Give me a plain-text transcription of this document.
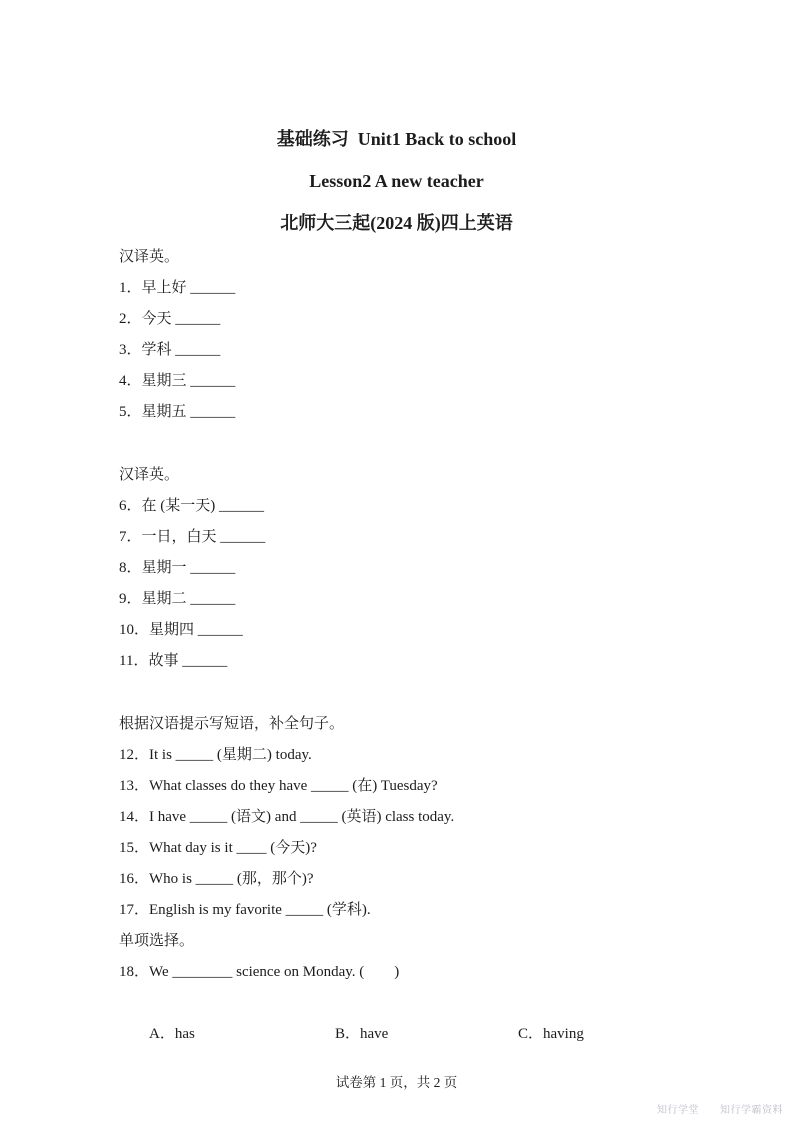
基础练习  Unit1 Back to school
Lesson2 A new teacher
北师大三起(2024 版)四上英语
汉译英。
1．早上好 ______
2．今天 ______
3．学科 ______
4．星期三 ______
5．星期五 ______
汉译英。
6．在 (某一天) ______
7．一日，白天 ______
8．星期一 ______
9．星期二 ______
10．星期四 ______
11．故事 ______
根据汉语提示写短语，补全句子。
12．It is _____ (星期二) today.
13．What classes do they have _____ (在) Tuesday?
14．I have _____ (语文) and _____ (英语) class today.
15．What day is it ____ (今天)?
16．Who is _____ (那，那个)?
17．English is my favorite _____ (学科).
单项选择。
18．We ________ science on Monday. (　　)

A．has	B．have	C．having

试卷第 1 页，共 2 页
知行学堂　　知行学霸资料
